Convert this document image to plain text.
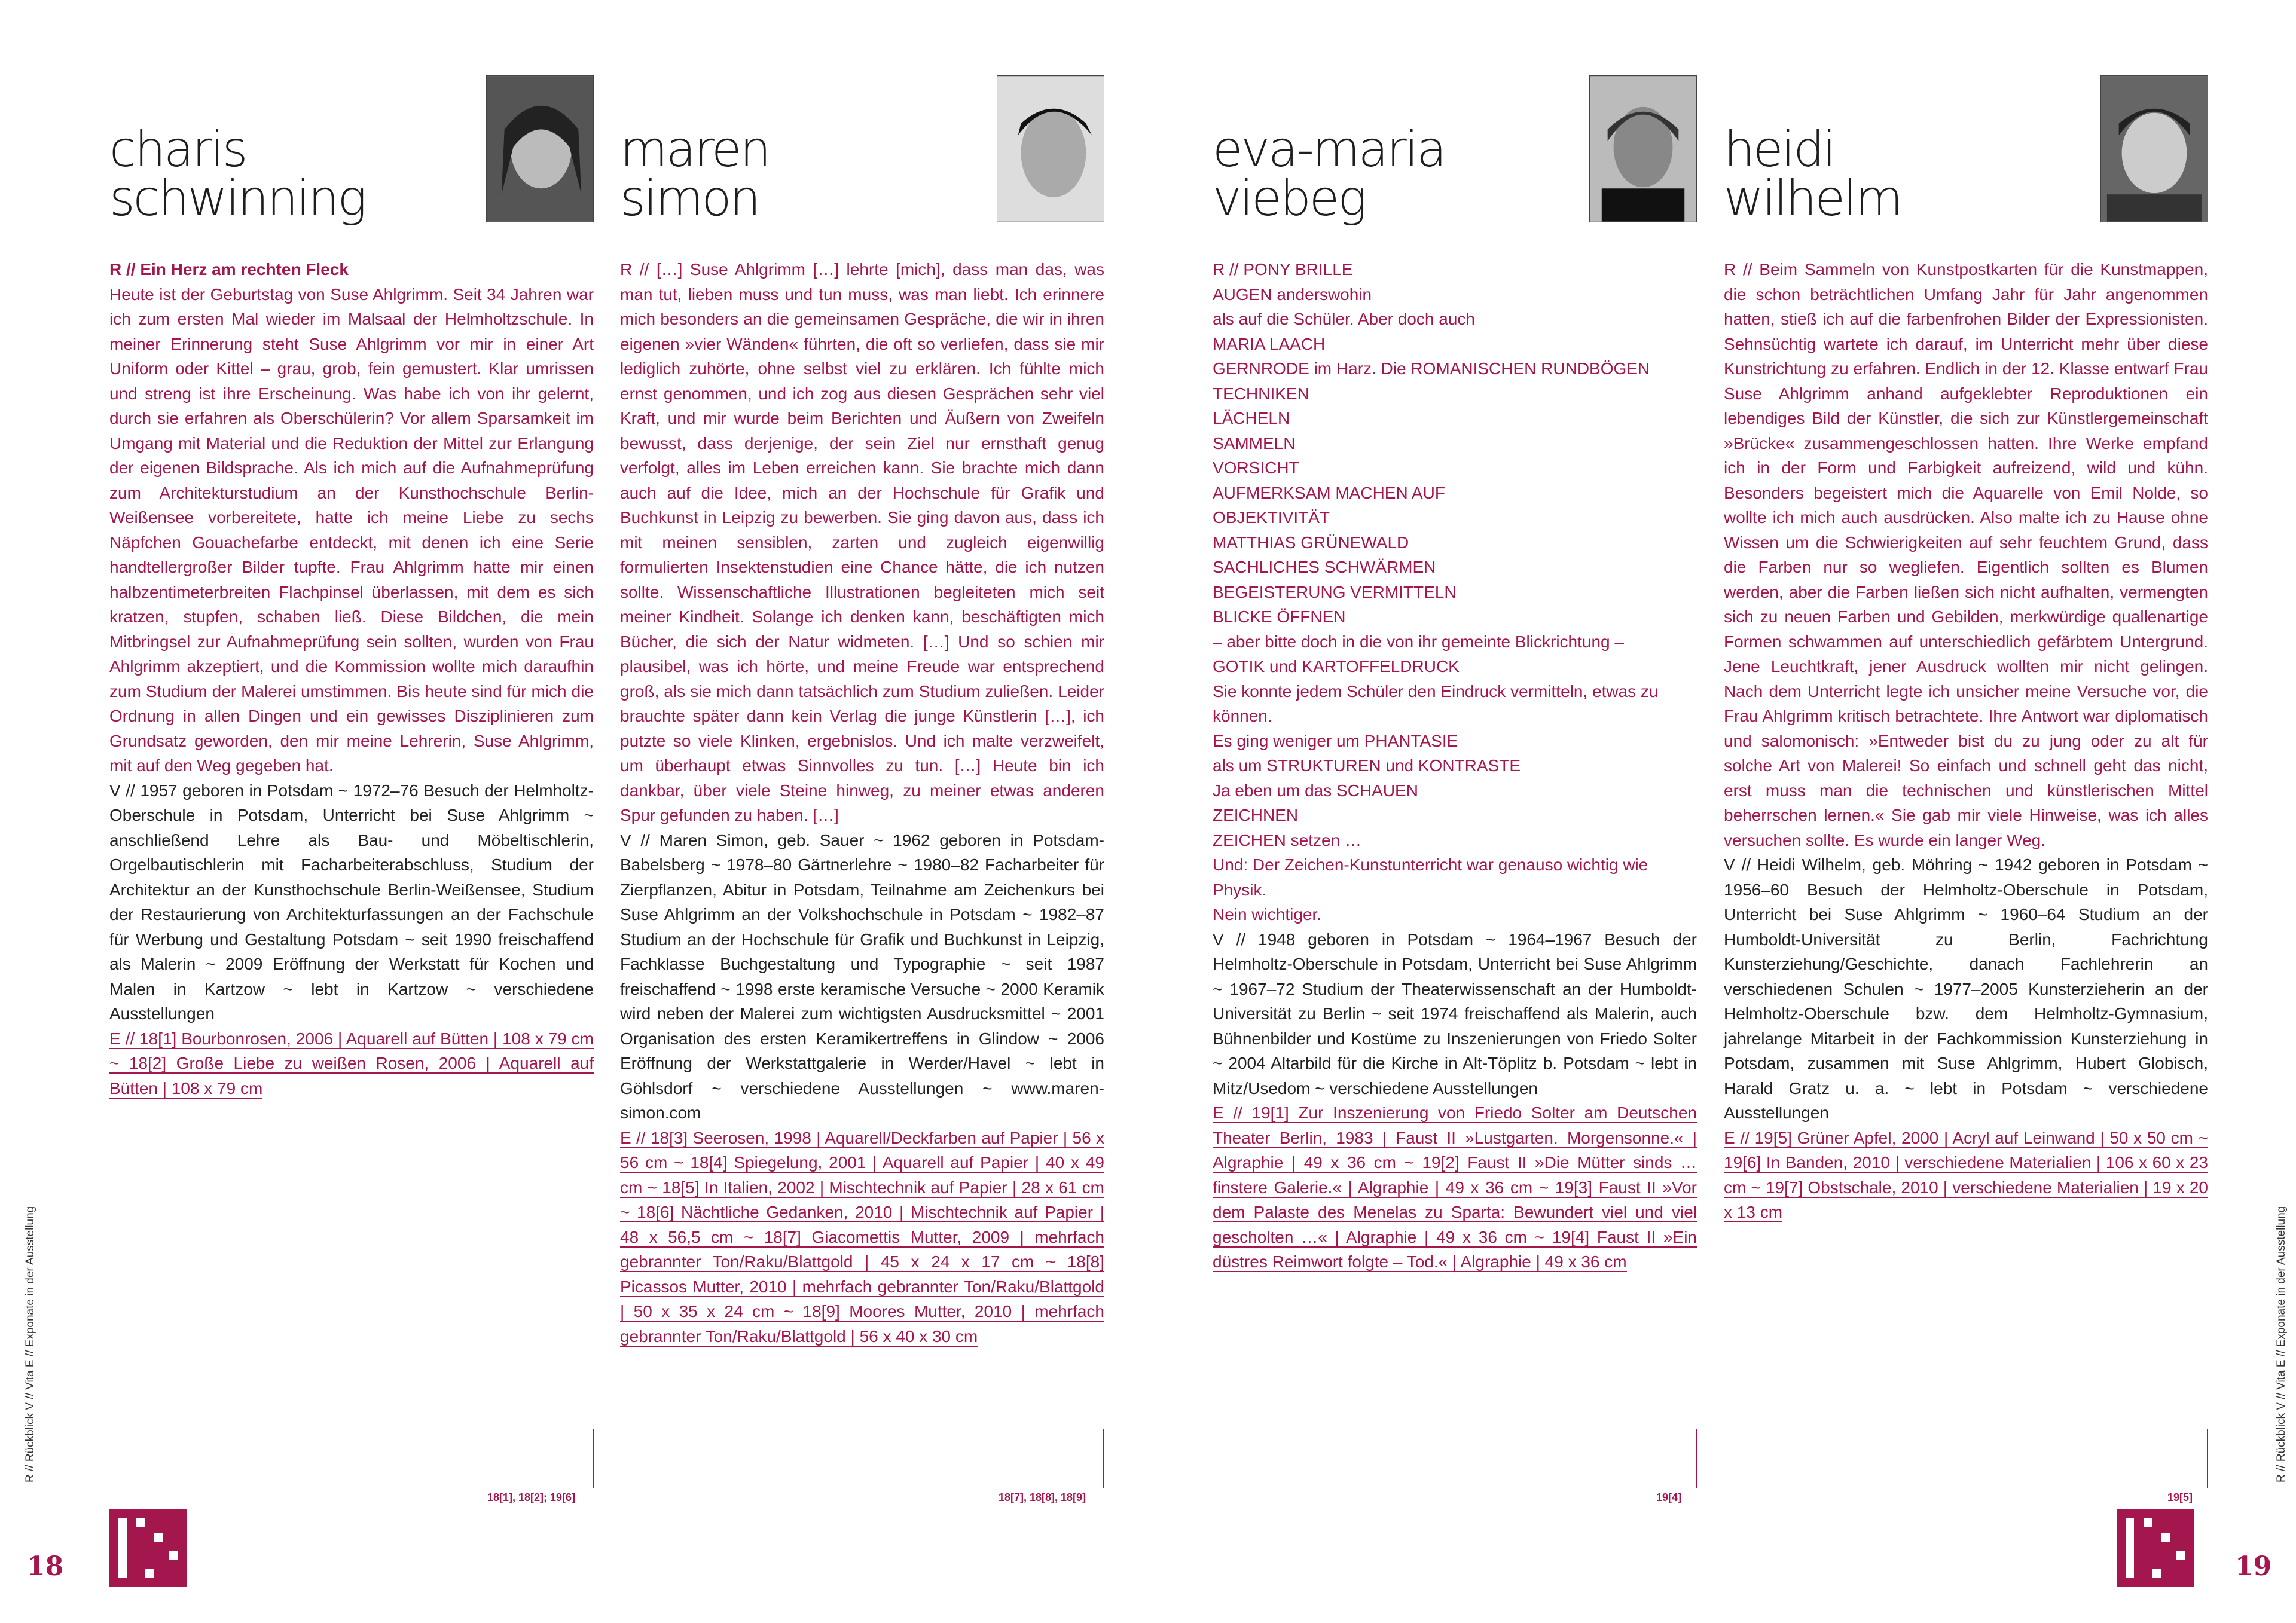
charis
schwinning
R // Ein Herz am rechten Fleck
Heute ist der Geburtstag von Suse Ahlgrimm. Seit 34 Jahren war ich zum ersten Mal wieder im Malsaal der Helmholtzschule. In meiner Erinnerung steht Suse Ahlgrimm vor mir in einer Art Uniform oder Kittel – grau, grob, fein gemustert. Klar umrissen und streng ist ihre Erscheinung. Was habe ich von ihr gelernt, durch sie erfahren als Oberschülerin? Vor allem Sparsamkeit im Umgang mit Material und die Reduktion der Mittel zur Erlangung der eigenen Bildsprache. Als ich mich auf die Aufnahmeprüfung zum Architekturstudium an der Kunsthochschule Berlin-Weißensee vorbereitete, hatte ich meine Liebe zu sechs Näpfchen Gouachefarbe entdeckt, mit denen ich eine Serie handtellergroßer Bilder tupfte. Frau Ahlgrimm hatte mir einen halbzentimeterbreiten Flachpinsel überlassen, mit dem es sich kratzen, stupfen, schaben ließ. Diese Bildchen, die mein Mitbringsel zur Aufnahmeprüfung sein sollten, wurden von Frau Ahlgrimm akzeptiert, und die Kommission wollte mich daraufhin zum Studium der Malerei umstimmen. Bis heute sind für mich die Ordnung in allen Dingen und ein gewisses Disziplinieren zum Grundsatz geworden, den mir meine Lehrerin, Suse Ahlgrimm, mit auf den Weg gegeben hat.
V // 1957 geboren in Potsdam ~ 1972–76 Besuch der Helmholtz-Oberschule in Potsdam, Unterricht bei Suse Ahlgrimm ~ anschließend Lehre als Bau- und Möbeltischlerin, Orgelbautischlerin mit Facharbeiterabschluss, Studium der Architektur an der Kunsthochschule Berlin-Weißensee, Studium der Restaurierung von Architekturfassungen an der Fachschule für Werbung und Gestaltung Potsdam ~ seit 1990 freischaffend als Malerin ~ 2009 Eröffnung der Werkstatt für Kochen und Malen in Kartzow ~ lebt in Kartzow ~ verschiedene Ausstellungen
E // 18[1] Bourbonrosen, 2006 | Aquarell auf Bütten | 108 x 79 cm ~ 18[2] Große Liebe zu weißen Rosen, 2006 | Aquarell auf Bütten | 108 x 79 cm
maren
simon
R // […] Suse Ahlgrimm […] lehrte [mich], dass man das, was man tut, lieben muss und tun muss, was man liebt. Ich erinnere mich besonders an die gemeinsamen Gespräche, die wir in ihren eigenen »vier Wänden« führten, die oft so verliefen, dass sie mir lediglich zuhörte, ohne selbst viel zu erklären. Ich fühlte mich ernst genommen, und ich zog aus diesen Gesprächen sehr viel Kraft, und mir wurde beim Berichten und Äußern von Zweifeln bewusst, dass derjenige, der sein Ziel nur ernsthaft genug verfolgt, alles im Leben erreichen kann. Sie brachte mich dann auch auf die Idee, mich an der Hochschule für Grafik und Buchkunst in Leipzig zu bewerben. Sie ging davon aus, dass ich mit meinen sensiblen, zarten und zugleich eigenwillig formulierten Insektenstudien eine Chance hätte, die ich nutzen sollte. Wissenschaftliche Illustrationen begleiteten mich seit meiner Kindheit. Solange ich denken kann, beschäftigten mich Bücher, die sich der Natur widmeten. […] Und so schien mir plausibel, was ich hörte, und meine Freude war entsprechend groß, als sie mich dann tatsächlich zum Studium zuließen. Leider brauchte später dann kein Verlag die junge Künstlerin […], ich putzte so viele Klinken, ergebnislos. Und ich malte verzweifelt, um überhaupt etwas Sinnvolles zu tun. […] Heute bin ich dankbar, über viele Steine hinweg, zu meiner etwas anderen Spur gefunden zu haben. […]
V // Maren Simon, geb. Sauer ~ 1962 geboren in Potsdam-Babelsberg ~ 1978–80 Gärtnerlehre ~ 1980–82 Facharbeiter für Zierpflanzen, Abitur in Potsdam, Teilnahme am Zeichenkurs bei Suse Ahlgrimm an der Volkshochschule in Potsdam ~ 1982–87 Studium an der Hochschule für Grafik und Buchkunst in Leipzig, Fachklasse Buchgestaltung und Typographie ~ seit 1987 freischaffend ~ 1998 erste keramische Versuche ~ 2000 Keramik wird neben der Malerei zum wichtigsten Ausdrucksmittel ~ 2001 Organisation des ersten Keramikertreffens in Glindow ~ 2006 Eröffnung der Werkstattgalerie in Werder/Havel ~ lebt in Göhlsdorf ~ verschiedene Ausstellungen ~ www.maren-simon.com
E // 18[3] Seerosen, 1998 | Aquarell/Deckfarben auf Papier | 56 x 56 cm ~ 18[4] Spiegelung, 2001 | Aquarell auf Papier | 40 x 49 cm ~ 18[5] In Italien, 2002 | Mischtechnik auf Papier | 28 x 61 cm ~ 18[6] Nächtliche Gedanken, 2010 | Mischtechnik auf Papier | 48 x 56,5 cm ~ 18[7] Giacomettis Mutter, 2009 | mehrfach gebrannter Ton/Raku/Blattgold | 45 x 24 x 17 cm ~ 18[8] Picassos Mutter, 2010 | mehrfach gebrannter Ton/Raku/Blattgold | 50 x 35 x 24 cm ~ 18[9] Moores Mutter, 2010 | mehrfach gebrannter Ton/Raku/Blattgold | 56 x 40 x 30 cm
eva-maria
viebeg
R // PONY BRILLE
AUGEN anderswohin
als auf die Schüler. Aber doch auch
MARIA LAACH
GERNRODE im Harz. Die ROMANISCHEN RUNDBÖGEN
TECHNIKEN
LÄCHELN
SAMMELN
VORSICHT
AUFMERKSAM MACHEN AUF
OBJEKTIVITÄT
MATTHIAS GRÜNEWALD
SACHLICHES SCHWÄRMEN
BEGEISTERUNG VERMITTELN
BLICKE ÖFFNEN
– aber bitte doch in die von ihr gemeinte Blickrichtung –
GOTIK und KARTOFFELDRUCK
Sie konnte jedem Schüler den Eindruck vermitteln, etwas zu können.
Es ging weniger um PHANTASIE
als um STRUKTUREN und KONTRASTE
Ja eben um das SCHAUEN
ZEICHNEN
ZEICHEN setzen …
Und: Der Zeichen-Kunstunterricht war genauso wichtig wie Physik.
Nein wichtiger.
V // 1948 geboren in Potsdam ~ 1964–1967 Besuch der Helmholtz-Oberschule in Potsdam, Unterricht bei Suse Ahlgrimm ~ 1967–72 Studium der Theaterwissenschaft an der Humboldt-Universität zu Berlin ~ seit 1974 freischaffend als Malerin, auch Bühnenbilder und Kostüme zu Inszenierungen von Friedo Solter ~ 2004 Altarbild für die Kirche in Alt-Töplitz b. Potsdam ~ lebt in Mitz/Usedom ~ verschiedene Ausstellungen
E // 19[1] Zur Inszenierung von Friedo Solter am Deutschen Theater Berlin, 1983 | Faust II »Lustgarten. Morgensonne.« | Algraphie | 49 x 36 cm ~ 19[2] Faust II »Die Mütter sinds … finstere Galerie.« | Algraphie | 49 x 36 cm ~ 19[3] Faust II »Vor dem Palaste des Menelas zu Sparta: Bewundert viel und viel gescholten …« | Algraphie | 49 x 36 cm ~ 19[4] Faust II »Ein düstres Reimwort folgte – Tod.« | Algraphie | 49 x 36 cm
heidi
wilhelm
R // Beim Sammeln von Kunstpostkarten für die Kunstmappen, die schon beträchtlichen Umfang Jahr für Jahr angenommen hatten, stieß ich auf die farbenfrohen Bilder der Expressionisten. Sehnsüchtig wartete ich darauf, im Unterricht mehr über diese Kunstrichtung zu erfahren. Endlich in der 12. Klasse entwarf Frau Suse Ahlgrimm anhand aufgeklebter Reproduktionen ein lebendiges Bild der Künstler, die sich zur Künstlergemeinschaft »Brücke« zusammengeschlossen hatten. Ihre Werke empfand ich in der Form und Farbigkeit aufreizend, wild und kühn. Besonders begeistert mich die Aquarelle von Emil Nolde, so wollte ich mich auch ausdrücken. Also malte ich zu Hause ohne Wissen um die Schwierigkeiten auf sehr feuchtem Grund, dass die Farben nur so wegliefen. Eigentlich sollten es Blumen werden, aber die Farben ließen sich nicht aufhalten, vermengten sich zu neuen Farben und Gebilden, merkwürdige quallenartige Formen schwammen auf unterschiedlich gefärbtem Untergrund. Jene Leuchtkraft, jener Ausdruck wollten mir nicht gelingen. Nach dem Unterricht legte ich unsicher meine Versuche vor, die Frau Ahlgrimm kritisch betrachtete. Ihre Antwort war diplomatisch und salomonisch: »Entweder bist du zu jung oder zu alt für solche Art von Malerei! So einfach und schnell geht das nicht, erst muss man die technischen und künstlerischen Mittel beherrschen lernen.« Sie gab mir viele Hinweise, was ich alles versuchen sollte. Es wurde ein langer Weg.
V // Heidi Wilhelm, geb. Möhring ~ 1942 geboren in Potsdam ~ 1956–60 Besuch der Helmholtz-Oberschule in Potsdam, Unterricht bei Suse Ahlgrimm ~ 1960–64 Studium an der Humboldt-Universität zu Berlin, Fachrichtung Kunsterziehung/Geschichte, danach Fachlehrerin an verschiedenen Schulen ~ 1977–2005 Kunsterzieherin an der Helmholtz-Oberschule bzw. dem Helmholtz-Gymnasium, jahrelange Mitarbeit in der Fachkommission Kunsterziehung in Potsdam, zusammen mit Suse Ahlgrimm, Hubert Globisch, Harald Gratz u. a. ~ lebt in Potsdam ~ verschiedene Ausstellungen
E // 19[5] Grüner Apfel, 2000 | Acryl auf Leinwand | 50 x 50 cm ~ 19[6] In Banden, 2010 | verschiedene Materialien | 106 x 60 x 23 cm ~ 19[7] Obstschale, 2010 | verschiedene Materialien | 19 x 20 x 13 cm
18[1], 18[2]; 19[6]	18[7], 18[8], 18[9]	19[4]	19[5]
R // Rückblick V // Vita E // Exponate in der Ausstellung	R // Rückblick V // Vita E // Exponate in der Ausstellung
18	19
